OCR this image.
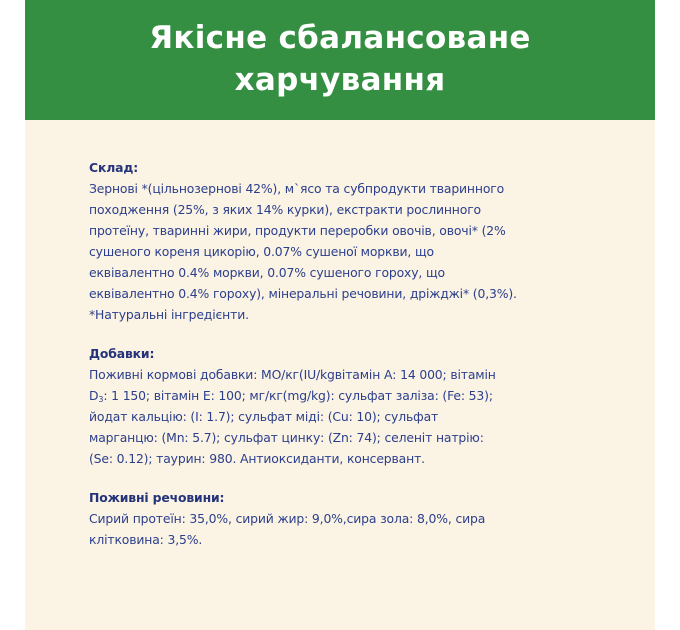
Якісне сбалансоване
харчування
Склад:
Зернові *(цільнозернові 42%), м`ясо та субпродукти тваринного
походження (25%, з яких 14% курки), екстракти рослинного
протеїну, тваринні жири, продукти переробки овочів, овочі* (2%
сушеного кореня цикорію, 0.07% сушеної моркви, що
еквівалентно 0.4% моркви, 0.07% сушеного гороху, що
еквівалентно 0.4% гороху), мінеральні речовини, дріжджі* (0,3%).
*Натуральні інгредієнти.
Добавки:
Поживні кормові добавки: МО/кг(IU/kgвітамін А: 14 000; вітамін
$D_3$: 1 150; вітамін Е: 100; мг/кг(mg/kg): сульфат заліза: (Fe: 53);
йодат кальцію: (I: 1.7); сульфат міді: (Cu: 10); сульфат
марганцю: (Mn: 5.7); сульфат цинку: (Zn: 74); селеніт натрію:
(Se: 0.12); таурин: 980. Антиоксиданти, консервант.
Поживні речовини:
Сирий протеїн: 35,0%, сирий жир: 9,0%,сира зола: 8,0%, сира
клітковина: 3,5%.
